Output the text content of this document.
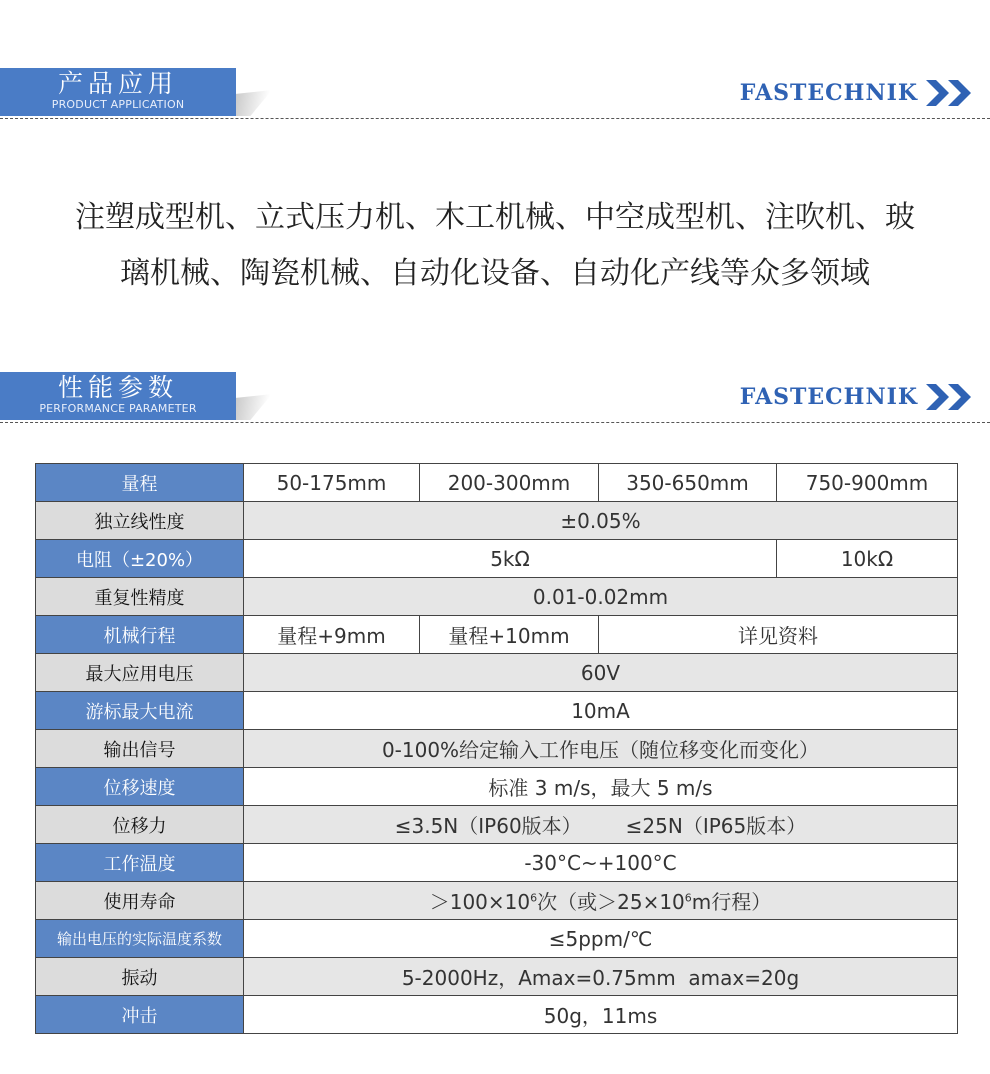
产品应用
PRODUCT APPLICATION	FASTECHNIK

注塑成型机、立式压力机、木工机械、中空成型机、注吹机、玻

璃机械、陶瓷机械、自动化设备、自动化产线等众多领域

性能参数
PERFORMANCE PARAMETER	FASTECHNIK
量程	50-175mm	200-300mm	350-650mm	750-900mm
独立线性度	±0.05%			
电阻（±20%）	5kΩ			10kΩ
重复性精度	0.01-0.02mm			
机械行程	量程+9mm	量程+10mm	详见资料	
最大应用电压	60V			
游标最大电流	10mA			
输出信号	0-100%给定输入工作电压（随位移变化而变化）			
位移速度	标准 3 m/s，最大 5 m/s			
位移力	≤3.5N（IP60版本） ≤25N（IP65版本）			
工作温度	-30°C~+100°C			
使用寿命	$>100\times 10^6$次（或$>25\times 10^6m$行程）			
输出电压的实际温度系数	≤5ppm/℃			
振动	5-2000Hz，Amax=0.75mm  amax=20g			
冲击	50g，11ms			
